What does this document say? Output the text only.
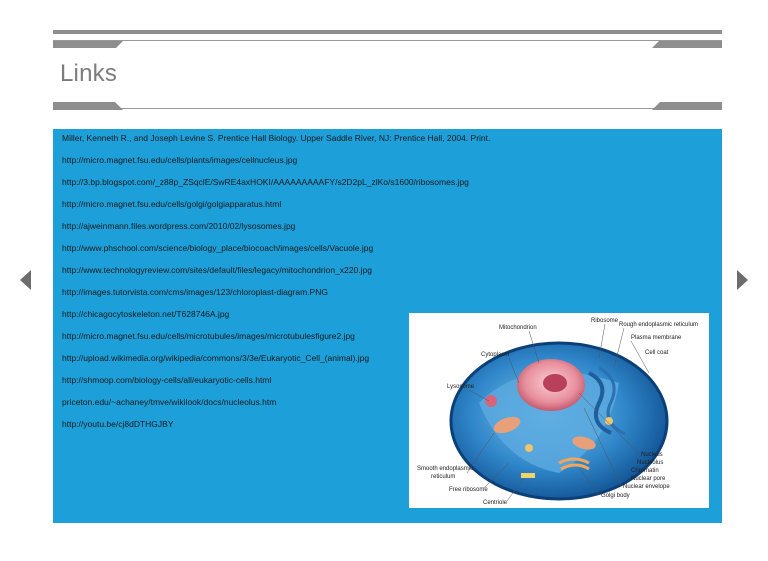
Links
Miller, Kenneth R., and Joseph Levine S. Prentice Hall Biology. Upper Saddle River, NJ: Prentice Hall, 2004. Print.
http://micro.magnet.fsu.edu/cells/plants/images/cellnucleus.jpg
http://3.bp.blogspot.com/_z88p_ZSqclE/SwRE4axHOKI/AAAAAAAAAFY/s2D2pL_zlKo/s1600/ribosomes.jpg
http://micro.magnet.fsu.edu/cells/golgi/golgiapparatus.html
http://ajweinmann.files.wordpress.com/2010/02/lysosomes.jpg
http://www.phschool.com/science/biology_place/biocoach/images/cells/Vacuole.jpg
http://www.technologyreview.com/sites/default/files/legacy/mitochondrion_x220.jpg
http://images.tutorvista.com/cms/images/123/chloroplast-diagram.PNG
http://chicagocytoskeleton.net/T628746A.jpg
http://micro.magnet.fsu.edu/cells/microtubules/images/microtubulesfigure2.jpg
http://upload.wikimedia.org/wikipedia/commons/3/3e/Eukaryotic_Cell_(animal).jpg
http://shmoop.com/biology-cells/all/eukaryotic-cells.html
priceton.edu/~achaney/tmve/wikilook/docs/nucleolus.htm
http://youtu.be/cj8dDTHGJBY
Ribosome
Mitochondrion	Rough endoplasmic reticulum
Plasma membrane
Cytoplasm	Cell coat
Lysosome
Nucleus
Nucleolus
Chromatin
Nuclear pore
Nuclear envelope
Smooth endoplasmic
reticulum
Free ribosome
Golgi body
Centriole
